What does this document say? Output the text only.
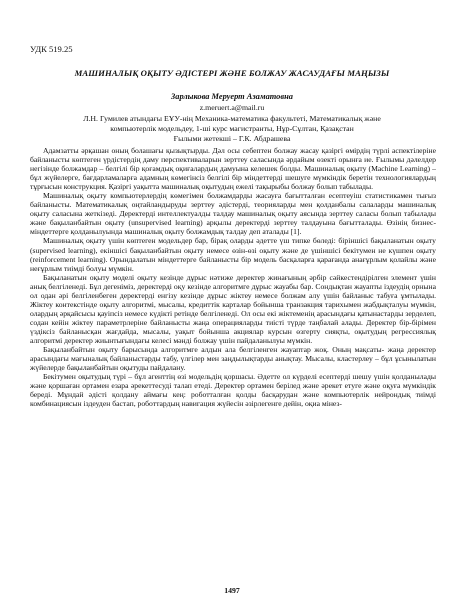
УДК 519.25
МАШИНАЛЫҚ ОҚЫТУ ӘДІСТЕРІ ЖӘНЕ БОЛЖАУ ЖАСАУДАҒЫ МАҢЫЗЫ
Зарлыкова Меруерт Азаматовна
z.meruert.a@mail.ru
Л.Н. Гумилев атындағы ЕҰУ-нің Механика-математика факультеті, Математикалық және
компьютерлік модельдеу, 1-ші курс магистранты, Нұр-Сұлтан, Қазақстан
Ғылыми жетекші – Г.К. Абдрашева

Адамзатты әрқашан оның болашағы қызықтырды. Дәл осы себептен болжау жасау қазіргі өмірдің түрлі аспектілеріне байланысты көптеген үрдістердің даму перспективаларын зерттеу саласында әрдайым өзекті орынға ие. Ғылымы дәлелдер негізінде болжамдар – белгілі бір қоғамдық оқиғалардың дамуына келешек болды. Машиналық оқыту (Machine Learning) – бұл жүйелерге, бағдарламаларға адамның көмегінсіз белгілі бір міндеттерді шешуге мүмкіндік беретін технологиялардың тұрғысын конструкция. Қазіргі уақытта машиналық оқытудың ежелі тақырыбы болжау болып табылады.

Машиналық оқыту компьютерлердің көмегімен болжамдарды жасауға бағытталған есептеуіш статистикамен тығыз байланысты. Математикалық оңтайландыруды зерттеу әдістерді, теорияларды мен қолданбалы салаларды машиналық оқыту саласына жеткізеді. Деректерді интеллектуалды талдау машиналық оқыту аясында зерттеу саласы болып табылады және бақыланбайтын оқыту (unsupervised learning) арқылы деректерді зерттеу талдауына бағытталады. Өзінің бизнес-міндеттерге қолданылуында машиналық оқыту болжамдық талдау деп аталады [1].

Машиналық оқыту үшін көптеген модельдер бар, бірақ оларды әдетте үш типке бөледі: біріншісі бақыланатын оқыту (supervised learning), екіншісі бақыланбайтын оқыту немесе өзін-өзі оқыту және де үшіншісі бекітумен не күшпен оқыту (reinforcement learning). Орындалатын міндеттерге байланысты бір модель басқаларға қарағанда анағұрлым қолайлы және неғұрлым тиімді болуы мүмкін.

Бақыланатын оқыту моделі оқыту кезінде дұрыс нәтиже деректер жинағының әрбір сәйкестендірілген элемент үшін анық белгіленеді. Бұл дегеніміз, деректерді оқу кезінде алгоритмге дұрыс жауабы бар. Сондықтан жауапты іздеудің орнына ол одан әрі белгіленбеген деректерді енгізу кезінде дұрыс жіктеу немесе болжам алу үшін байланыс табуға ұмтылады. Жіктеу контекстінде оқыту алгоритмі, мысалы, кредиттік карталар бойынша транзакция тарихымен жабдықталуы мүмкін, олардың әрқайсысы қауіпсіз немесе күдікті ретінде белгіленеді. Ол осы екі жіктеменің арасындағы қатынастарды зерделеп, содан кейін жіктеу параметрлеріне байланысты жаңа операцияларды тиісті түрде таңбалай алады. Деректер бір-бірімен үздіксіз байланысқан жағдайда, мысалы, уақыт бойынша акциялар курсын өзгерту сияқты, оқытудың регрессиялық алгоритмі деректер жиынтығындағы келесі мәнді болжау үшін пайдаланылуы мүмкін.

Бақыланбайтын оқыту барысында алгоритмге алдын ала белгіленген жауаптар жоқ. Оның мақсаты- жаңа деректер арасындағы мағыналық байланыстарды табу, үлгілер мен заңдылықтарды анықтау. Мысалы, кластерлеу – бұл ұсынылатын жүйелерде бақыланбайтын оқытуды пайдалану.

Бекітумен оқытудың түрі – бұл агенттің өзі модельдің қоршасы. Әдетте ол күрделі есептерді шешу үшін қолданылады және қоршаған ортамен езара әрекеттесуді талап етеді. Деректер ортамен берілед және әрекет етуге және оқуға мүмкіндік береді. Мұндай әдісті қолдану аймағы кең: роботталған қолды басқарудан және компьютерлік нейрондық тиімді комбинациясын іздеуден бастап, роботтардың навигация жүйесін әзірлегенге дейін, оқиа мінез-

1497
